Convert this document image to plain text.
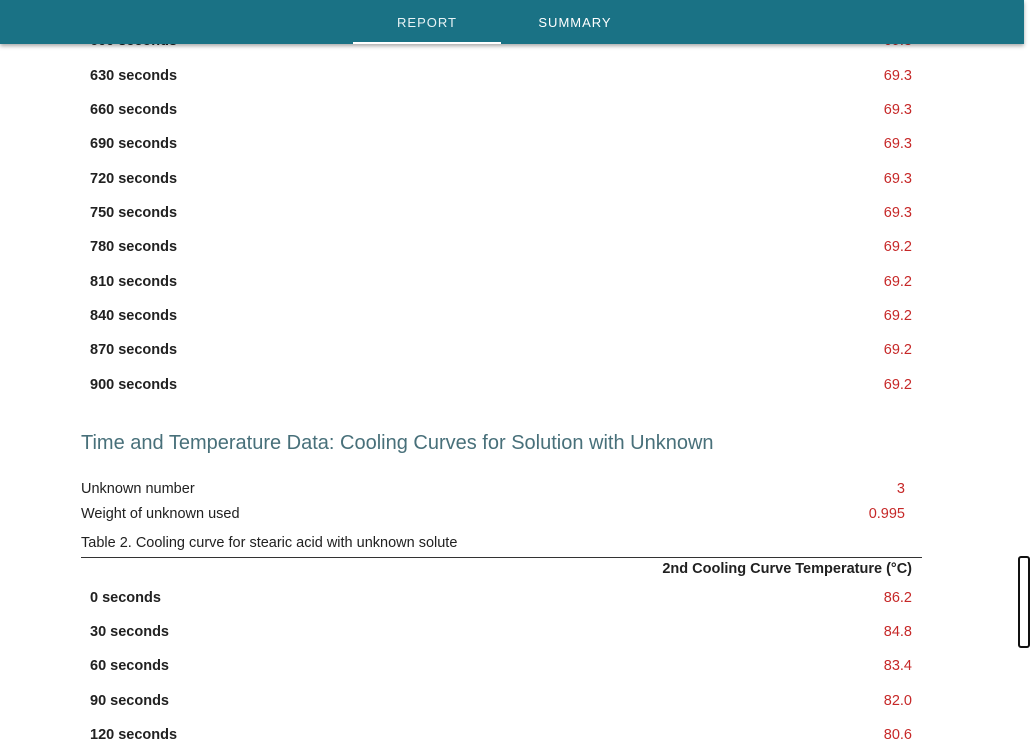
630 seconds	69.3
660 seconds	69.3
690 seconds	69.3
720 seconds	69.3
750 seconds	69.3
780 seconds	69.2
810 seconds	69.2
840 seconds	69.2
870 seconds	69.2
900 seconds	69.2
Time and Temperature Data: Cooling Curves for Solution with Unknown
Unknown number	3
Weight of unknown used	0.995
Table 2. Cooling curve for stearic acid with unknown solute
2nd Cooling Curve Temperature (°C)
0 seconds	86.2
30 seconds	84.8
60 seconds	83.4
90 seconds	82.0
120 seconds	80.6
REPORT	SUMMARY
